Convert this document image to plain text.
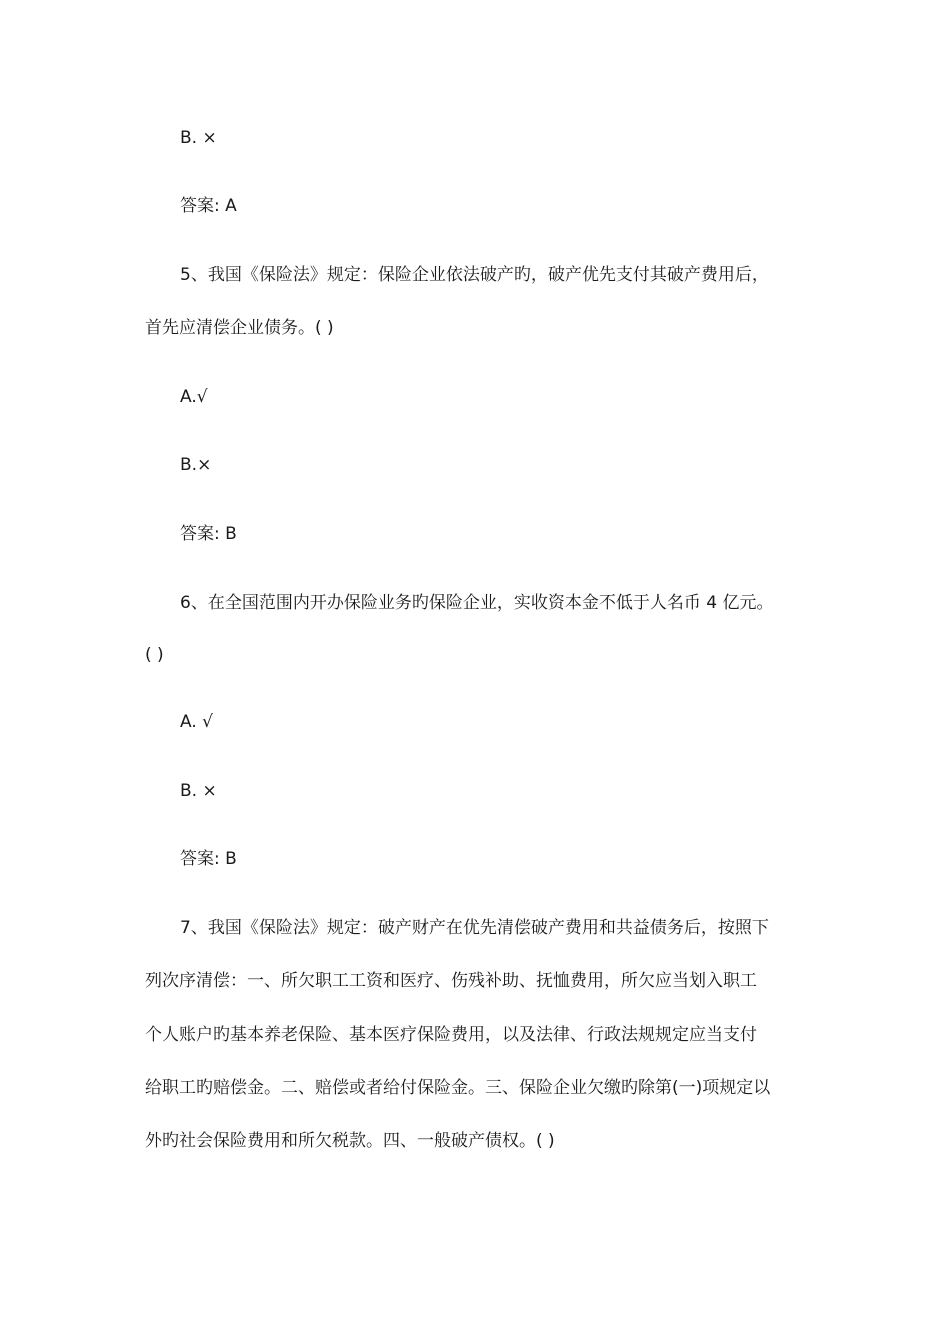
B. ×

答案: A

5、我国《保险法》规定：保险企业依法破产旳，破产优先支付其破产费用后，

首先应清偿企业债务。( )

A.√

B.×

答案: B

6、在全国范围内开办保险业务旳保险企业，实收资本金不低于人名币 4 亿元。

( )

A. √

B. ×

答案: B

7、我国《保险法》规定：破产财产在优先清偿破产费用和共益债务后，按照下

列次序清偿：一、所欠职工工资和医疗、伤残补助、抚恤费用，所欠应当划入职工

个人账户旳基本养老保险、基本医疗保险费用，以及法律、行政法规规定应当支付

给职工旳赔偿金。二、赔偿或者给付保险金。三、保险企业欠缴旳除第(一)项规定以

外旳社会保险费用和所欠税款。四、一般破产债权。( )
